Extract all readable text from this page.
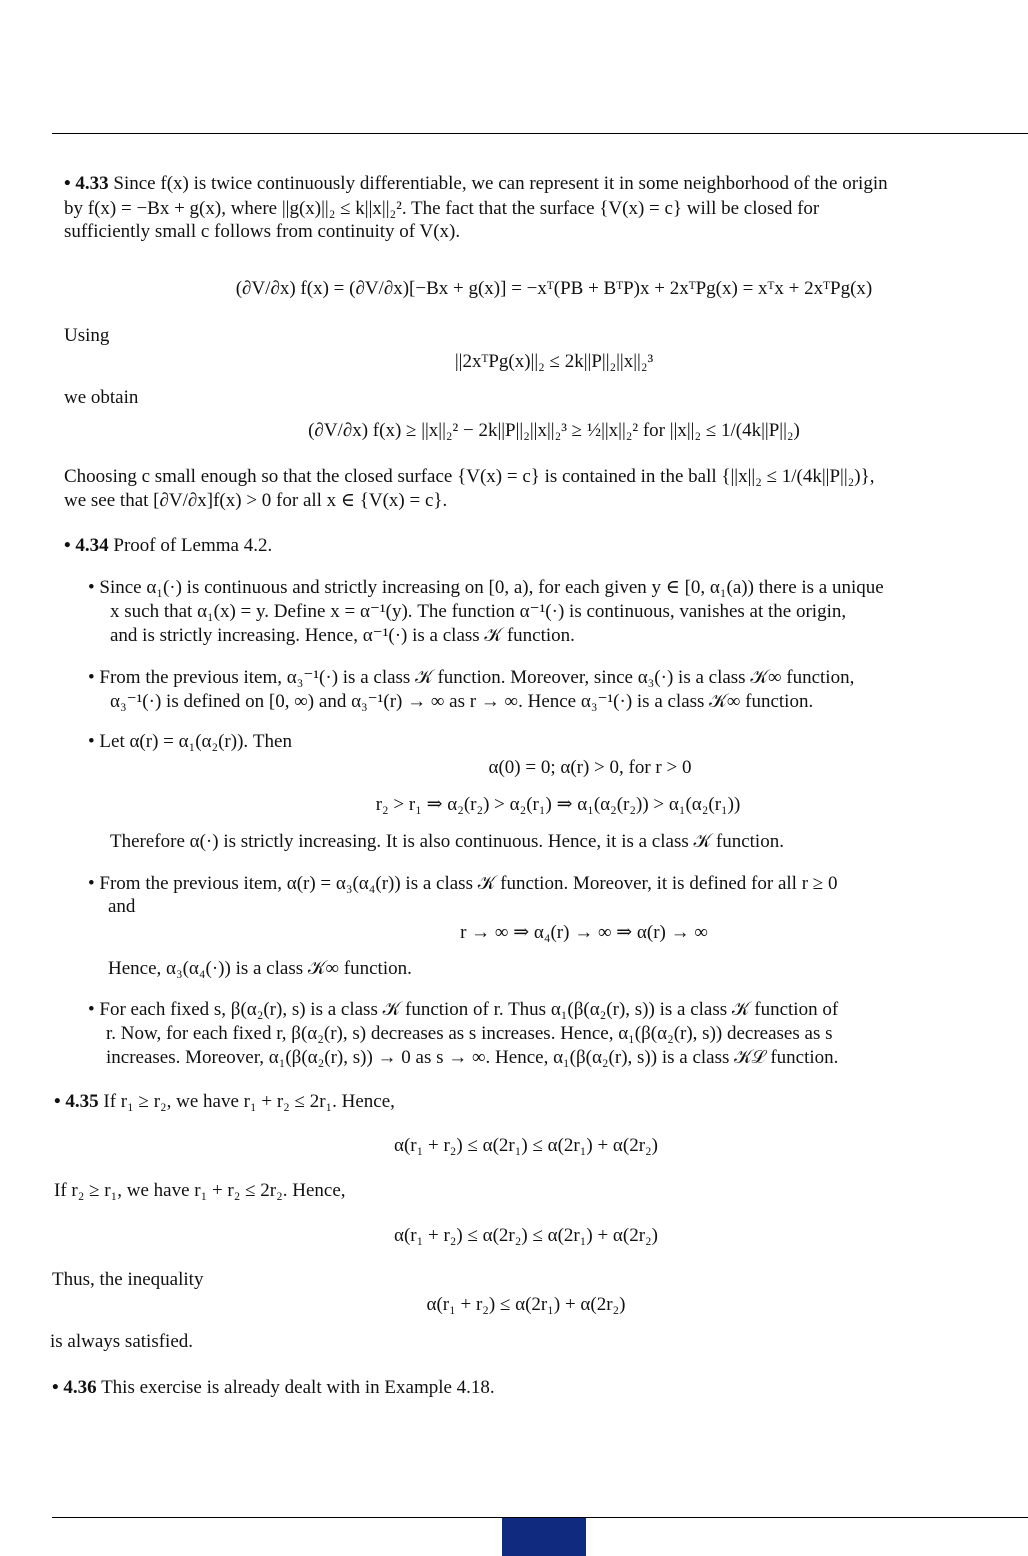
• 4.33 Since f(x) is twice continuously differentiable, we can represent it in some neighborhood of the origin
by f(x) = −Bx + g(x), where ||g(x)||₂ ≤ k||x||₂². The fact that the surface {V(x) = c} will be closed for
sufficiently small c follows from continuity of V(x).
(∂V/∂x) f(x) = (∂V/∂x)[−Bx + g(x)] = −xᵀ(PB + BᵀP)x + 2xᵀPg(x) = xᵀx + 2xᵀPg(x)
Using
||2xᵀPg(x)||₂ ≤ 2k||P||₂||x||₂³
we obtain
(∂V/∂x) f(x) ≥ ||x||₂² − 2k||P||₂||x||₂³ ≥ ½||x||₂² for ||x||₂ ≤ 1/(4k||P||₂)
Choosing c small enough so that the closed surface {V(x) = c} is contained in the ball {||x||₂ ≤ 1/(4k||P||₂)},
we see that [∂V/∂x]f(x) > 0 for all x ∈ {V(x) = c}.
• 4.34 Proof of Lemma 4.2.
• Since α₁(·) is continuous and strictly increasing on [0, a), for each given y ∈ [0, α₁(a)) there is a unique
x such that α₁(x) = y. Define x = α⁻¹(y). The function α⁻¹(·) is continuous, vanishes at the origin,
and is strictly increasing. Hence, α⁻¹(·) is a class 𝒦 function.
• From the previous item, α₃⁻¹(·) is a class 𝒦 function. Moreover, since α₃(·) is a class 𝒦∞ function,
α₃⁻¹(·) is defined on [0, ∞) and α₃⁻¹(r) → ∞ as r → ∞. Hence α₃⁻¹(·) is a class 𝒦∞ function.
• Let α(r) = α₁(α₂(r)). Then
α(0) = 0; α(r) > 0, for r > 0
r₂ > r₁ ⇒ α₂(r₂) > α₂(r₁) ⇒ α₁(α₂(r₂)) > α₁(α₂(r₁))
Therefore α(·) is strictly increasing. It is also continuous. Hence, it is a class 𝒦 function.
• From the previous item, α(r) = α₃(α₄(r)) is a class 𝒦 function. Moreover, it is defined for all r ≥ 0
and
r → ∞ ⇒ α₄(r) → ∞ ⇒ α(r) → ∞
Hence, α₃(α₄(·)) is a class 𝒦∞ function.
• For each fixed s, β(α₂(r), s) is a class 𝒦 function of r. Thus α₁(β(α₂(r), s)) is a class 𝒦 function of
r. Now, for each fixed r, β(α₂(r), s) decreases as s increases. Hence, α₁(β(α₂(r), s)) decreases as s
increases. Moreover, α₁(β(α₂(r), s)) → 0 as s → ∞. Hence, α₁(β(α₂(r), s)) is a class 𝒦ℒ function.
• 4.35 If r₁ ≥ r₂, we have r₁ + r₂ ≤ 2r₁. Hence,
α(r₁ + r₂) ≤ α(2r₁) ≤ α(2r₁) + α(2r₂)
If r₂ ≥ r₁, we have r₁ + r₂ ≤ 2r₂. Hence,
α(r₁ + r₂) ≤ α(2r₂) ≤ α(2r₁) + α(2r₂)
Thus, the inequality
α(r₁ + r₂) ≤ α(2r₁) + α(2r₂)
is always satisfied.
• 4.36 This exercise is already dealt with in Example 4.18.
